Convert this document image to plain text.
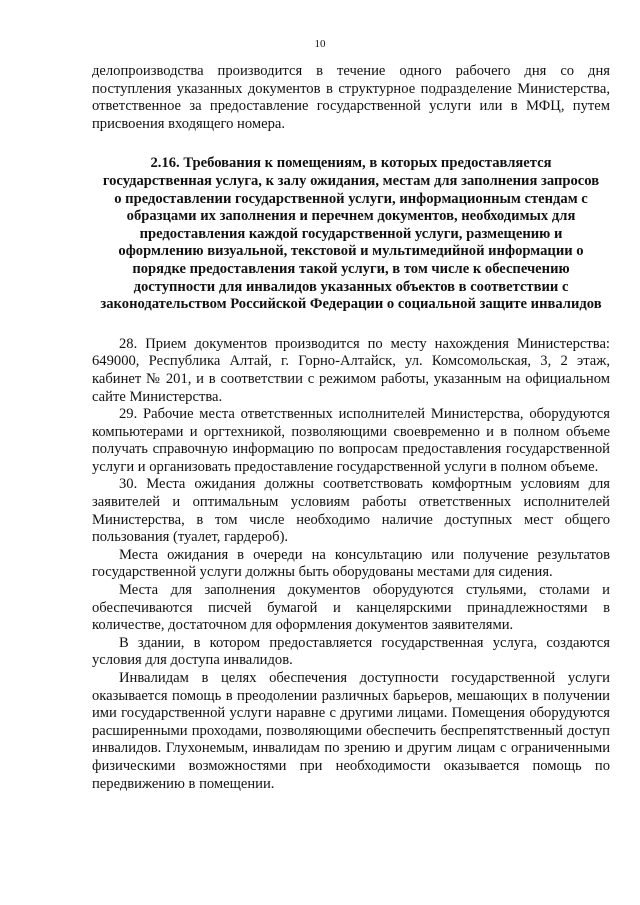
10

делопроизводства производится в течение одного рабочего дня со дня поступления указанных документов в структурное подразделение Министерства, ответственное за предоставление государственной услуги или в МФЦ, путем присвоения входящего номера.

2.16. Требования к помещениям, в которых предоставляется государственная услуга, к залу ожидания, местам для заполнения запросов о предоставлении государственной услуги, информационным стендам с образцами их заполнения и перечнем документов, необходимых для предоставления каждой государственной услуги, размещению и оформлению визуальной, текстовой и мультимедийной информации о порядке предоставления такой услуги, в том числе к обеспечению доступности для инвалидов указанных объектов в соответствии с законодательством Российской Федерации о социальной защите инвалидов

28. Прием документов производится по месту нахождения Министерства: 649000, Республика Алтай, г. Горно-Алтайск, ул. Комсомольская, 3, 2 этаж, кабинет № 201, и в соответствии с режимом работы, указанным на официальном сайте Министерства.

29. Рабочие места ответственных исполнителей Министерства, оборудуются компьютерами и оргтехникой, позволяющими своевременно и в полном объеме получать справочную информацию по вопросам предоставления государственной услуги и организовать предоставление государственной услуги в полном объеме.

30. Места ожидания должны соответствовать комфортным условиям для заявителей и оптимальным условиям работы ответственных исполнителей Министерства, в том числе необходимо наличие доступных мест общего пользования (туалет, гардероб).

Места ожидания в очереди на консультацию или получение результатов государственной услуги должны быть оборудованы местами для сидения.

Места для заполнения документов оборудуются стульями, столами и обеспечиваются писчей бумагой и канцелярскими принадлежностями в количестве, достаточном для оформления документов заявителями.

В здании, в котором предоставляется государственная услуга, создаются условия для доступа инвалидов.

Инвалидам в целях обеспечения доступности государственной услуги оказывается помощь в преодолении различных барьеров, мешающих в получении ими государственной услуги наравне с другими лицами. Помещения оборудуются расширенными проходами, позволяющими обеспечить беспрепятственный доступ инвалидов. Глухонемым, инвалидам по зрению и другим лицам с ограниченными физическими возможностями при необходимости оказывается помощь по передвижению в помещении.
